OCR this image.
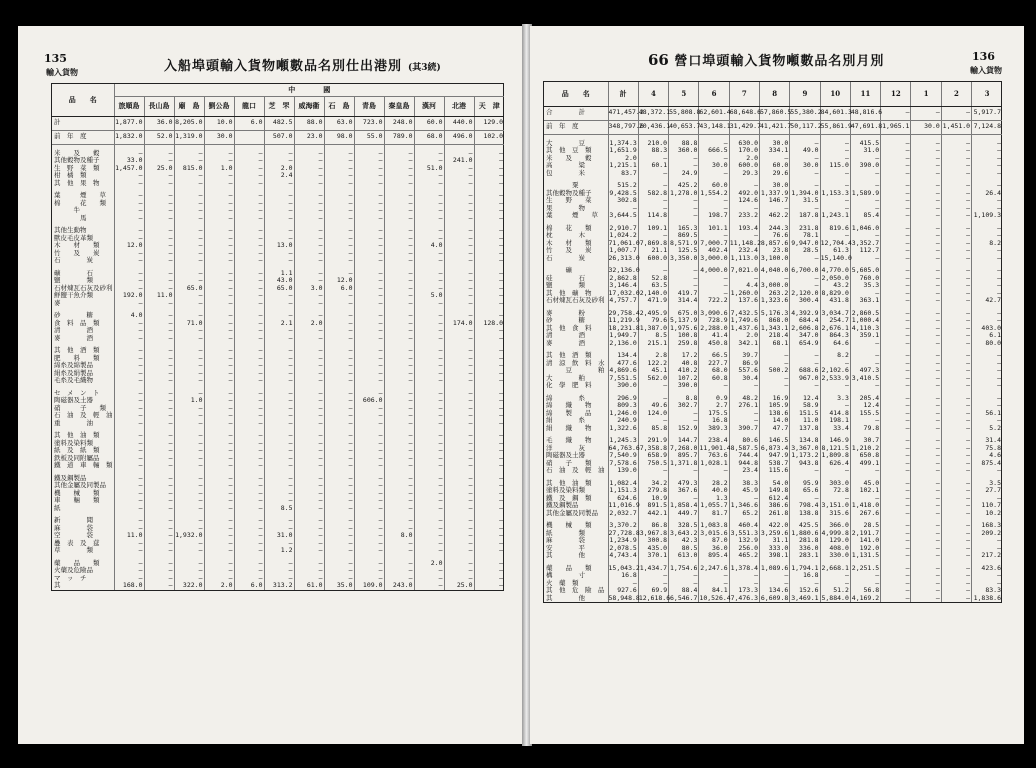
135
輸入貨物	入船埠頭輸入貨物噸數品名別仕出港別 (其3続)
品　　名	中　　　　國												
	旅順島	長山島	廟　島	劉公島	龍口	芝　罘	威海衞	石　島	青島	秦皇島	漢河	北港	天　津
計	1,877.0	36.0	8,205.0	10.0	6.0	482.5	88.0	63.0	723.0	248.0	60.0	440.0	129.0
前　年　度	1,832.0	52.0	1,319.0	30.0		507.0	23.0	98.0	55.0	789.0	68.0	496.0	102.0

米　　及　　穀	—	—	—	—	—	—	—	—	—	—	—	—	—
其他穀物及種子	33.0	—	—	—	—	—	—	—	—	—	—	241.0	—
生　野　菜　類	1,457.0	25.0	815.0	1.0	—	2.0	—	—	—	—	51.0	—	—
柑　橘　類	—	—	—	—	—	2.4	—	—	—	—	—	—	—
其　他　果　物	—	—	—	—	—	—	—	—	—	—	—	—	—

葉　　　煙　　草	—	—	—	—	—	—	—	—	—	—	—	—	—
棉　　　花　　類	—	—	—	—	—	—	—	—	—	—	—	—	—
　　　牛	—	—	—	—	—	—	—	—	—	—	—	—	—
　　　　馬	—	—	—	—	—	—	—	—	—	—	—	—	—

其他生動物	—	—	—	—	—	—	—	—	—	—	—	—	—
獸皮毛皮革類	—	—	—	—	—	—	—	—	—	—	—	—	—
木　　材　　類	12.0	—	—	—	—	13.0	—	—	—	—	4.0	—	—
竹　　及　　炭	—	—	—	—	—	—	—	—	—	—	—	—	—
石　　　　炭	—	—	—	—	—	—	—	—	—	—	—	—	—

礦　　　　石	—	—	—	—	—	1.1	—	—	—	—	—	—	—
鹽　　　　類	—	—	—	—	—	43.0	—	12.0	—	—	—	—	—
石材煉瓦石灰及砂利	—	—	65.0	—	—	65.0	3.0	6.0	—	—	—	—	—
鮮鹽干魚介類	192.0	11.0	—	—	—	—	—	—	—	—	5.0	—	—
麥	—	—	—	—	—	—	—	—	—	—	—	—	—

砂　　　　糖	4.0	—	—	—	—	—	—	—	—	—	—	—	—
食　料　品　類	—	—	71.0	—	—	2.1	2.0	—	—	—	—	174.0	128.0
清　　　　酒	—	—	—	—	—	—	—	—	—	—	—	—	—
麥　　　　酒	—	—	—	—	—	—	—	—	—	—	—	—	—

其　他　酒　類	—	—	—	—	—	—	—	—	—	—	—	—	—
肥　　料　　類	—	—	—	—	—	—	—	—	—	—	—	—	—
綿糸及綿製品	—	—	—	—	—	—	—	—	—	—	—	—	—
絹糸及絹製品	—	—	—	—	—	—	—	—	—	—	—	—	—
毛糸及毛織物	—	—	—	—	—	—	—	—	—	—	—	—	—

セ　メ　ン　ト	—	—	—	—	—	—	—	—	—	—	—	—	—
陶磁器及土器	—	—	1.0	—	—	—	—	—	606.0	—	—	—	—
硝　　　子　　類	—	—	—	—	—	—	—	—	—	—	—	—	—
石　油　及　輕　油	—	—	—	—	—	—	—	—	—	—	—	—	—
重　　　　油	—	—	—	—	—	—	—	—	—	—	—	—	—

其　他　油　類	—	—	—	—	—	—	—	—	—	—	—	—	—
塗料及染料類	—	—	—	—	—	—	—	—	—	—	—	—	—
紙　及　紙　類	—	—	—	—	—	—	—	—	—	—	—	—	—
鉄板及同附屬品	—	—	—	—	—	—	—	—	—	—	—	—	—
鐵　道　車　輛　類	—	—	—	—	—	—	—	—	—	—	—	—	—

鐵及鋼製品	—	—	—	—	—	—	—	—	—	—	—	—	—
其他金屬及同製品	—	—	—	—	—	—	—	—	—	—	—	—	—
機　　械　　類	—	—	—	—	—	—	—	—	—	—	—	—	—
車　　輛　　類	—	—	—	—	—	—	—	—	—	—	—	—	—
紙	—	—	—	—	—	8.5	—	—	—	—	—	—	—

新　　　　聞	—	—	—	—	—	—	—	—	—	—	—	—	—
麻　　　　袋	—	—	—	—	—	—	—	—	—	—	—	—	—
空　　　　袋	11.0	—	1,932.0	—	—	31.0	—	—	—	8.0	—	—	—
疊　表　及　莚	—	—	—	—	—	—	—	—	—	—	—	—	—
草　　　　類	—	—	—	—	—	1.2	—	—	—	—	—	—	—

藥　　品　　類	—	—	—	—	—	—	—	—	—	—	2.0	—	—
火藥及危險品	—	—	—	—	—	—	—	—	—	—	—	—	—
マ　ッ　チ	—	—	—	—	—	—	—	—	—	—	—	—	—
其	168.0	—	322.0	2.0	6.0	313.2	61.0	35.0	109.0	243.0	—	25.0	—
66 營口埠頭輸入貨物噸數品名別月別	136
輸入貨物
品　　名	計	4	5	6	7	8	9	10	11	12	1	2	3
合　　　　計	471,457.2	48,372.1	55,808.8	62,601.4	68,648.6	57,860.5	55,380.2	84,601.3	48,816.6	—	—	—	5,917.7
前　年　度	348,797.6	20,436.1	40,653.7	43,148.1	31,429.7	41,421.7	50,117.2	55,861.9	47,691.8	1,965.1	30.0	1,451.0	7,124.8

大　　　　豆	1,374.3	210.0	88.8	—	630.0	30.0	—	—	415.5	—	—	—	—
其　他　豆　類	1,651.9	88.3	360.0	666.5	170.0	334.1	49.0	—	31.0	—	—	—	—
米　　及　　穀	2.0	—	—	—	2.0	—	—	—	—	—	—	—	—
高　　　　粱	1,215.1	60.1	—	30.0	600.0	60.0	30.0	115.0	390.0	—	—	—	—
包　　　　米	83.7	—	24.9	—	29.3	29.6	—	—	—	—	—	—	—

　　　　粟	515.2	—	425.2	60.0	—	30.0	—	—	—	—	—	—	—
其他穀物及種子	9,428.5	582.8	1,278.0	1,554.2	492.0	1,337.9	1,394.0	1,153.3	1,589.9	—	—	—	26.4
生　　野　　菜	302.8	—	—	—	124.6	146.7	31.5	—	—	—	—	—	—
果　　　　物	—	—	—	—	—	—	—	—	—	—	—	—	—
葉　　　煙　　草	3,644.5	114.8	—	198.7	233.2	462.2	187.8	1,243.1	85.4	—	—	—	1,109.3

棉　　花　　類	2,910.7	109.1	165.3	101.1	193.4	244.3	231.8	819.6	1,046.0	—	—	—	—
枕　　　　木	1,024.2	—	869.5	—	—	76.6	78.1	—	—	—	—	—	—
木　　材　　類	71,061.0	7,869.8	8,571.9	7,000.7	11,148.2	8,857.6	9,947.0	12,704.4	3,352.7	—	—	—	8.2
竹　　及　　炭	1,007.7	21.1	125.5	402.4	232.4	23.8	28.5	61.3	112.7	—	—	—	—
石　　　　炭	26,313.0	600.0	3,350.0	3,000.0	1,113.0	3,100.0	—	15,140.0	—	—	—	—	—

　　　礦	32,136.0	—	—	4,000.0	7,021.0	4,040.0	6,700.0	4,770.0	5,605.0	—	—	—	—
硅　　　　石	2,862.8	52.8	—	—	—	—	—	2,050.0	760.0	—	—	—	—
鹽　　　　類	3,146.4	63.5	—	—	4.4	3,000.0	—	43.2	35.3	—	—	—	—
其　他　礦　物	17,032.0	2,140.0	419.7	—	1,260.0	263.2	2,120.0	8,829.0	—	—	—	—	—
石材煉瓦石灰及砂利	4,757.7	471.9	314.4	722.2	137.6	1,323.6	300.4	431.8	363.1	—	—	—	42.7

麥　　　　粉	29,758.4	2,495.9	675.0	3,090.6	7,432.5	5,176.3	4,392.9	3,034.7	2,860.5	—	—	—	—
砂　　　　糖	11,219.9	79.6	5,137.9	728.9	1,749.6	868.0	684.4	254.7	1,000.4	—	—	—	—
其　他　食　料	18,231.8	1,387.0	1,975.6	2,288.0	1,437.6	1,343.1	2,606.8	2,676.1	4,110.3	—	—	—	403.0
清　　　　酒	1,949.7	8.5	100.8	41.4	2.0	218.4	347.0	864.3	359.1	—	—	—	6.1
麥　　　　酒	2,136.0	215.1	259.8	450.8	342.1	68.1	654.9	64.6	—	—	—	—	80.0

其　他　酒　類	134.4	2.8	17.2	66.5	39.7	—	—	8.2	—	—	—	—	—
清　涼　飲　料　水	477.6	122.2	40.8	227.7	86.9	—	—	—	—	—	—	—	—
　　　豆　　　　粕	4,869.6	45.1	410.2	68.0	557.6	500.2	688.6	2,102.6	497.3	—	—	—	—
大　　　　粕	7,551.5	562.0	107.2	60.8	30.4	—	967.0	2,533.9	3,410.5	—	—	—	—
化　學　肥　料	390.0	—	390.0	—	—	—	—	—	—	—	—	—	—

綿　　　　糸	296.9	—	8.8	0.9	48.2	16.9	12.4	3.3	205.4	—	—	—	—
綿　　織　　物	809.3	49.6	302.7	2.7	276.1	105.9	58.9	—	12.4	—	—	—	—
綿　　製　　品	1,246.0	124.0	—	175.5	—	138.6	151.5	414.8	155.5	—	—	—	56.1
絹　　　　糸	240.9	—	—	16.8	—	14.0	11.0	198.1	—	—	—	—	—
絹　　織　　物	1,322.6	85.8	152.9	389.3	390.7	47.7	137.8	33.4	79.8	—	—	—	5.2

毛　　織　　物	1,245.3	291.9	144.7	238.4	80.6	146.5	134.8	146.9	30.7	—	—	—	31.4
洋　　　　灰	64,763.6	7,358.8	7,268.0	11,901.4	8,587.5	6,873.4	3,367.0	8,121.5	1,210.2	—	—	—	75.8
陶磁器及土器	7,540.9	658.9	895.7	763.6	744.4	947.9	1,173.2	1,809.8	650.8	—	—	—	4.6
硝　　子　　類	7,578.6	750.5	1,371.8	1,028.1	944.8	538.7	943.8	626.4	499.1	—	—	—	875.4
石　油　及　輕　油	139.0	—	—	—	23.4	115.6	—	—	—	—	—	—	—

其　他　油　類	1,082.4	34.2	479.3	28.2	38.3	54.0	95.9	303.0	45.0	—	—	—	3.5
塗料及染料類	1,151.3	279.8	367.6	40.0	45.9	149.8	65.6	72.8	102.1	—	—	—	27.7
鐵　及　鋼　類	624.6	10.9	—	1.3	—	612.4	—	—	—	—	—	—	—
鐵及鋼製品	11,016.9	891.5	1,858.4	1,055.7	1,346.6	386.6	798.4	3,151.0	1,418.0	—	—	—	110.7
其他金屬及同製品	2,032.7	442.1	449.7	81.7	65.2	261.8	138.8	315.6	267.6	—	—	—	10.2

機　　械　　類	3,370.2	86.8	328.5	1,083.8	460.4	422.0	425.5	366.0	28.5	—	—	—	168.3
紙　　　　類	27,728.8	3,967.8	3,643.2	3,015.6	3,551.3	3,259.6	1,880.6	4,999.8	2,191.7	—	—	—	209.2
麻　　　　袋	1,234.9	300.8	42.3	87.0	132.9	31.1	281.8	129.0	141.0	—	—	—	—
安　　　　平	2,078.5	435.0	80.5	36.0	256.0	333.0	336.0	408.0	192.0	—	—	—	—
其　　　　他	4,743.4	370.1	613.0	895.4	465.2	398.1	283.1	330.0	1,131.5	—	—	—	217.2

藥　　品　　類	15,043.2	1,434.7	1,754.6	2,247.6	1,378.4	1,089.6	1,794.1	2,668.1	2,251.5	—	—	—	423.6
構　　　　寸	16.8	—	—	—	—	—	16.8	—	—	—	—	—	—
火　藥　類	—	—	—	—	—	—	—	—	—	—	—	—	—
其　他　危　險　品	927.6	69.9	88.4	84.1	173.3	134.6	152.6	51.2	56.8	—	—	—	83.3
其　　　　他	58,948.8	12,618.6	6,546.7	10,526.4	7,476.3	6,609.8	3,469.1	5,884.0	4,169.2	—	—	—	1,838.6
